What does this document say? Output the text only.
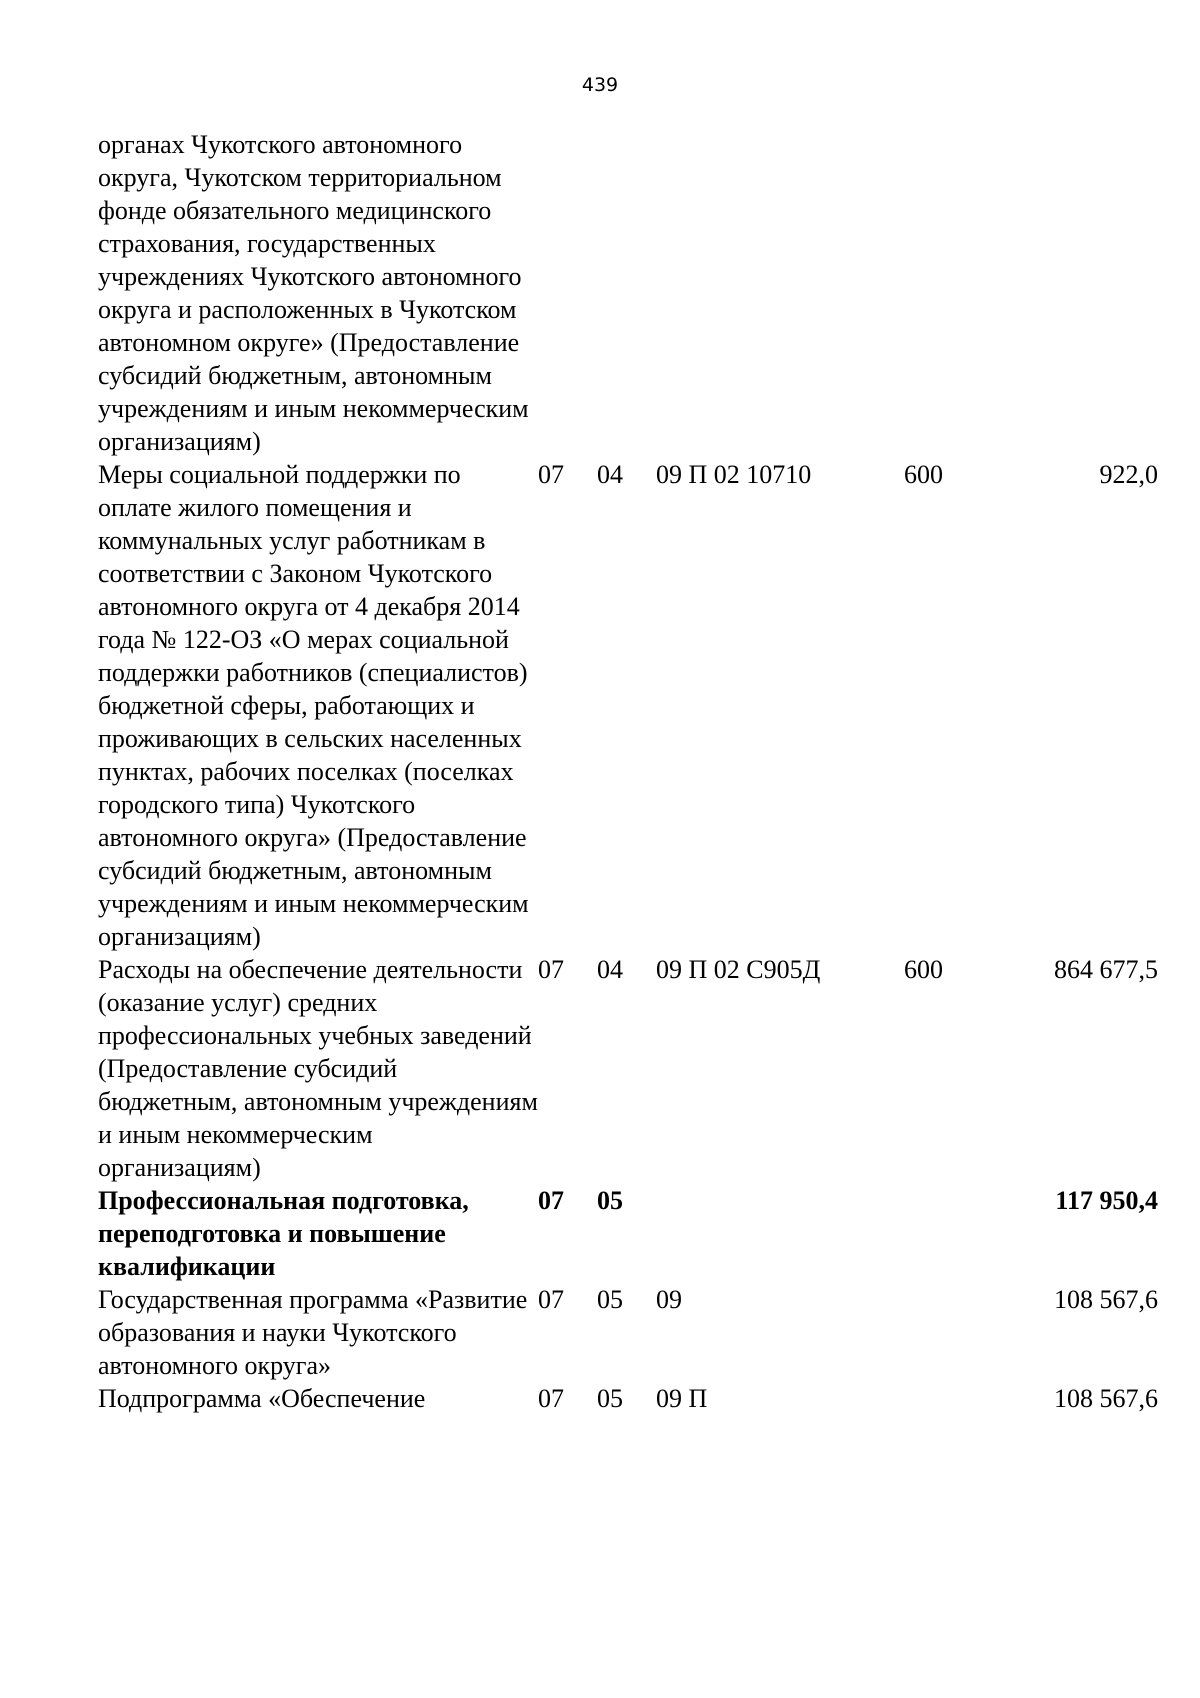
439
органах Чукотского автономного округа, Чукотском территориальном фонде обязательного медицинского страхования, государственных учреждениях Чукотского автономного округа и расположенных в Чукотском автономном округе» (Предоставление субсидий бюджетным, автономным учреждениям и иным некоммерческим организациям)					
Меры социальной поддержки по оплате жилого помещения и коммунальных услуг работникам в соответствии с Законом Чукотского автономного округа от 4 декабря 2014 года № 122-ОЗ «О мерах социальной поддержки работников (специалистов) бюджетной сферы, работающих и проживающих в сельских населенных пунктах, рабочих поселках (поселках городского типа) Чукотского автономного округа» (Предоставление субсидий бюджетным, автономным учреждениям и иным некоммерческим организациям)	07	04	09 П 02 10710	600	922,0
Расходы на обеспечение деятельности (оказание услуг) средних профессиональных учебных заведений (Предоставление субсидий бюджетным, автономным учреждениям и иным некоммерческим организациям)	07	04	09 П 02 С905Д	600	864 677,5
Профессиональная подготовка, переподготовка и повышение квалификации	07	05			117 950,4
Государственная программа «Развитие образования и науки Чукотского автономного округа»	07	05	09		108 567,6
Подпрограмма «Обеспечение	07	05	09 П		108 567,6
